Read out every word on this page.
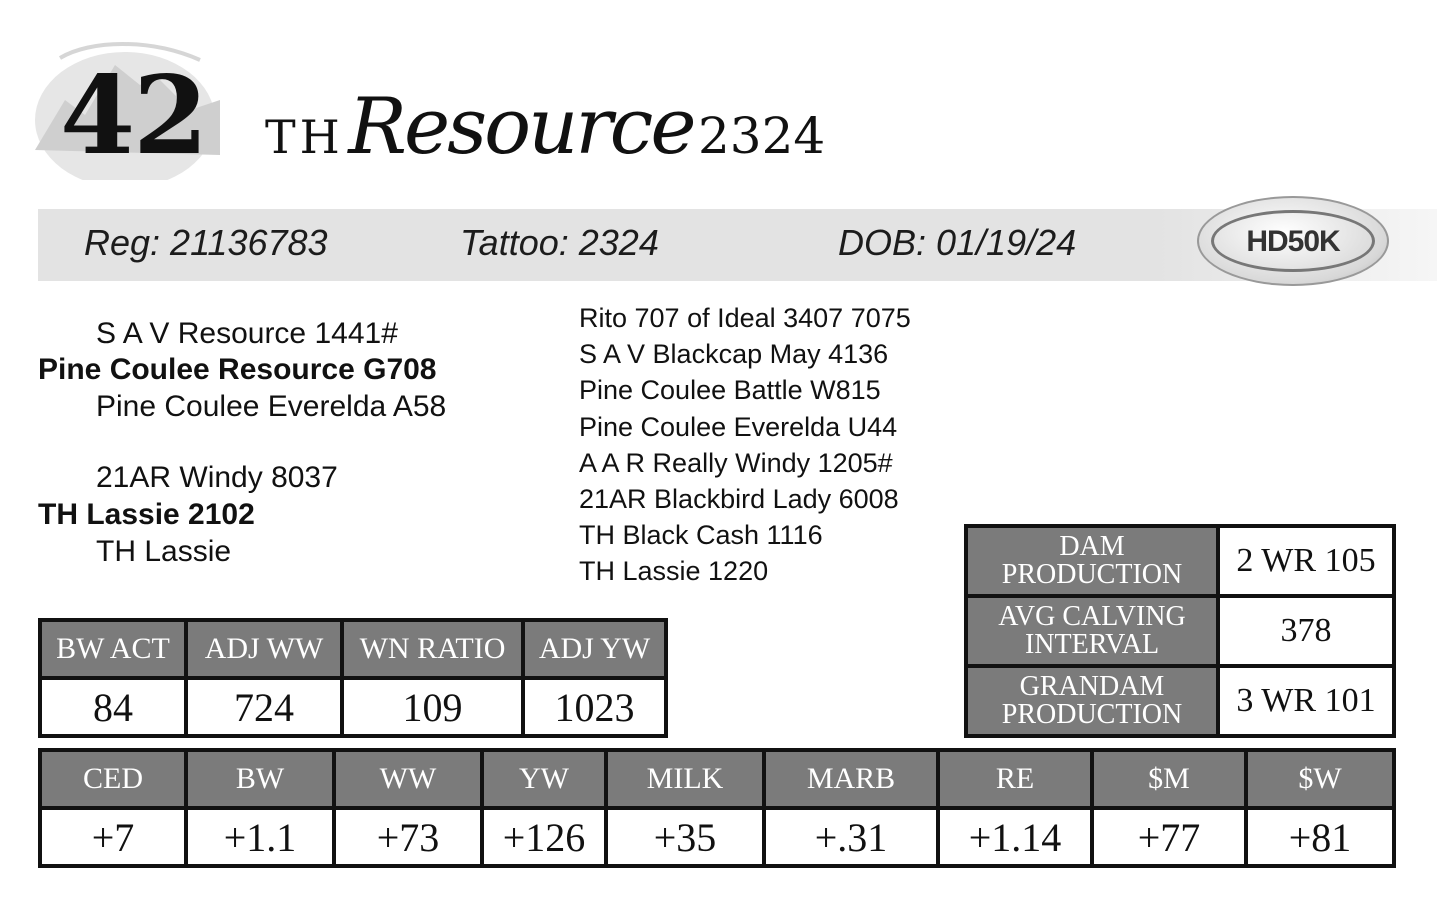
42 TH Resource 2324
Reg: 21136783	Tattoo: 2324	DOB: 01/19/24	HD50K
S A V Resource 1441#
Pine Coulee Resource G708
Pine Coulee Everelda A58
21AR Windy 8037
TH Lassie 2102
TH Lassie
Rito 707 of Ideal 3407 7075
S A V Blackcap May 4136
Pine Coulee Battle W815
Pine Coulee Everelda U44
A A R Really Windy 1205#
21AR Blackbird Lady 6008
TH Black Cash 1116
TH Lassie 1220
DAM
PRODUCTION	2 WR 105
AVG CALVING
INTERVAL	378
GRANDAM
PRODUCTION	3 WR 101
BW ACT	ADJ WW	WN RATIO	ADJ YW
84	724	109	1023
CED	BW	WW	YW	MILK	MARB	RE	$M	$W
+7	+1.1	+73	+126	+35	+.31	+1.14	+77	+81
